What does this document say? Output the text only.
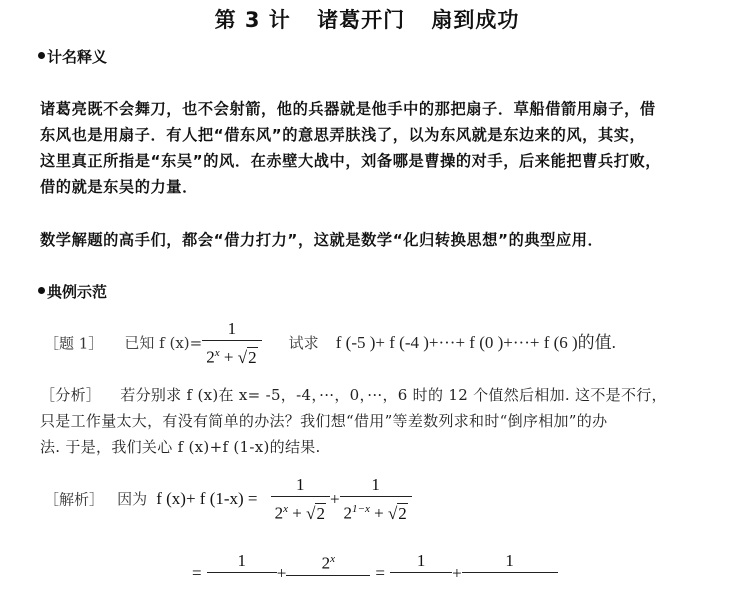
第 3 计 诸葛开门 扇到成功
计名释义
诸葛亮既不会舞刀，也不会射箭，他的兵器就是他手中的那把扇子．草船借箭用扇子，借
东风也是用扇子．有人把“借东风”的意思弄肤浅了，以为东风就是东边来的风，其实，
这里真正所指是“东吴”的风．在赤壁大战中，刘备哪是曹操的对手，后来能把曹兵打败，
借的就是东吴的力量．
数学解题的高手们，都会“借力打力”，这就是数学“化归转换思想”的典型应用．
典例示范
［题 1］ 已知 f $(x)= \frac{1}{2^x + √2}$ 试求 f (-5 )+ f (-4 )+···+ f (0 )+···+ f (6 )的值.
［分析］ 若分别求 f (x)在 x= -5，-4，···，0，···，6 时的 12 个值然后相加. 这不是不行，
只是工作量太大，有没有简单的办法？我们想“借用”等差数列求和时“倒序相加”的办
法. 于是，我们关心 f (x)+f (1-x)的结果.
［解析］ 因为 f (x)+ f $(1-x) = \frac{1}{2^x + √2} + \frac{1}{2^{1-x} + √2}$
=
1

+
$2^x$

=
1

+
1
